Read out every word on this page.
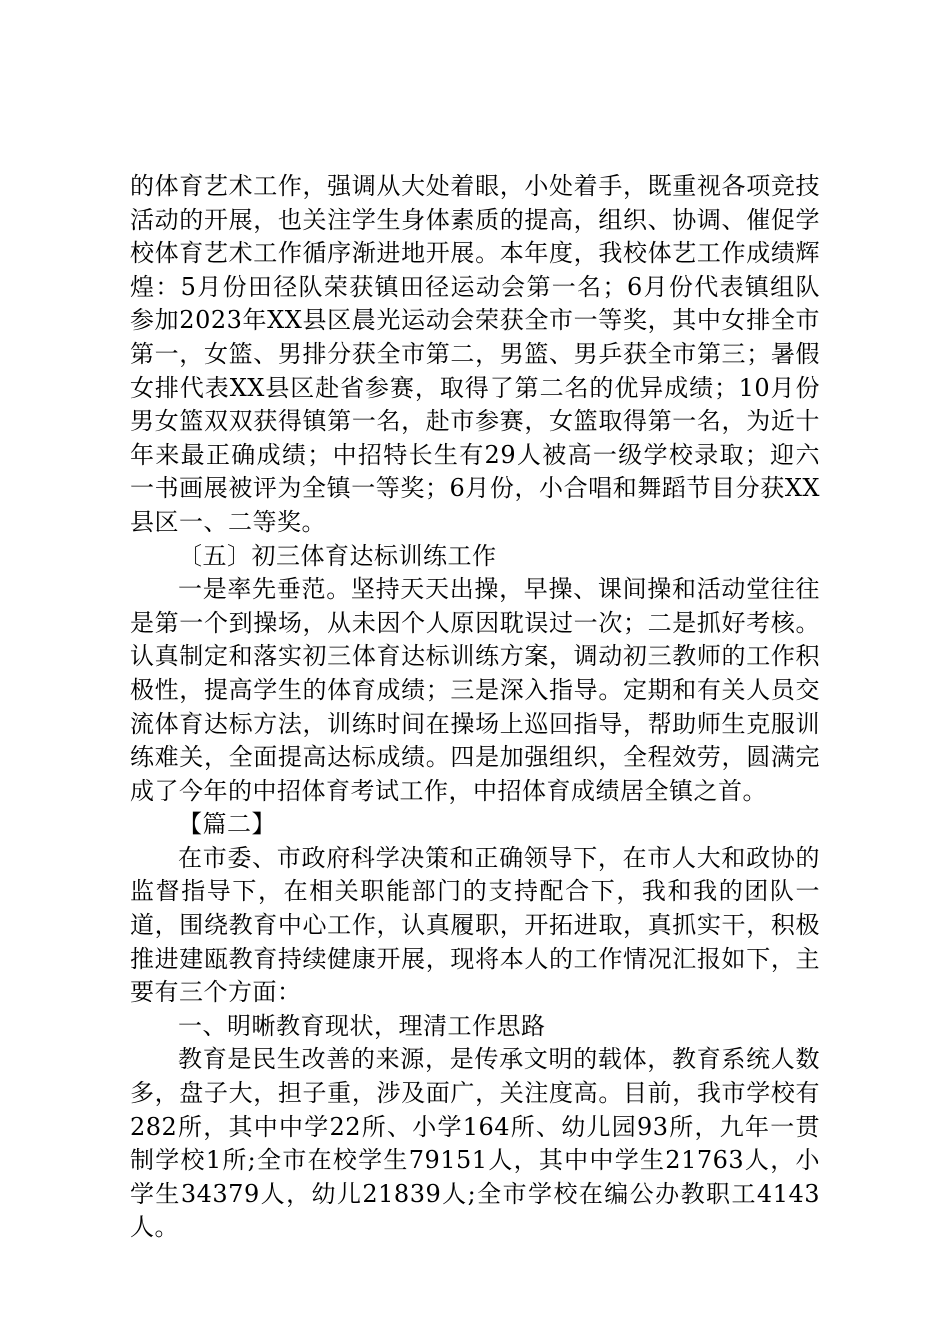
的体育艺术工作，强调从大处着眼，小处着手，既重视各项竞技活动的开展，也关注学生身体素质的提高，组织、协调、催促学校体育艺术工作循序渐进地开展。本年度，我校体艺工作成绩辉煌：5月份田径队荣获镇田径运动会第一名；6月份代表镇组队参加2023年XX县区晨光运动会荣获全市一等奖，其中女排全市第一，女篮、男排分获全市第二，男篮、男乒获全市第三；暑假女排代表XX县区赴省参赛，取得了第二名的优异成绩；10月份男女篮双双获得镇第一名，赴市参赛，女篮取得第一名，为近十年来最正确成绩；中招特长生有29人被高一级学校录取；迎六一书画展被评为全镇一等奖；6月份，小合唱和舞蹈节目分获XX县区一、二等奖。

〔五〕初三体育达标训练工作

一是率先垂范。坚持天天出操，早操、课间操和活动堂往往是第一个到操场，从未因个人原因耽误过一次；二是抓好考核。认真制定和落实初三体育达标训练方案，调动初三教师的工作积极性，提高学生的体育成绩；三是深入指导。定期和有关人员交流体育达标方法，训练时间在操场上巡回指导，帮助师生克服训练难关，全面提高达标成绩。四是加强组织，全程效劳，圆满完成了今年的中招体育考试工作，中招体育成绩居全镇之首。

【篇二】

在市委、市政府科学决策和正确领导下，在市人大和政协的监督指导下，在相关职能部门的支持配合下，我和我的团队一道，围绕教育中心工作，认真履职，开拓进取，真抓实干，积极推进建瓯教育持续健康开展，现将本人的工作情况汇报如下，主要有三个方面：

一、明晰教育现状，理清工作思路

教育是民生改善的来源，是传承文明的载体，教育系统人数多，盘子大，担子重，涉及面广，关注度高。目前，我市学校有282所，其中中学22所、小学164所、幼儿园93所，九年一贯制学校1所;全市在校学生79151人，其中中学生21763人，小学生34379人，幼儿21839人;全市学校在编公办教职工4143人。
